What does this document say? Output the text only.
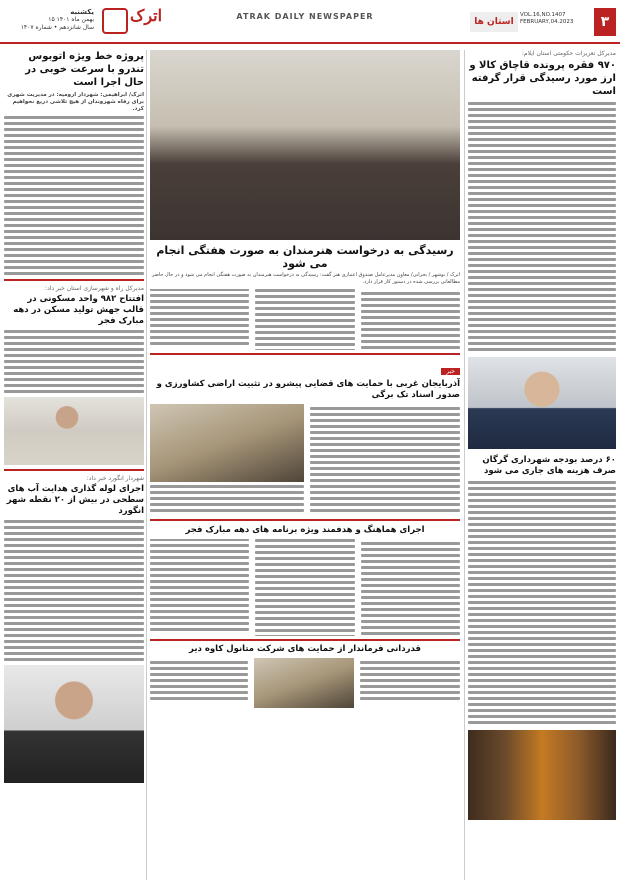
یکشنبه
۱۵ بهمن ماه ۱۴۰۱
سال شانزدهم • شماره ۱۴۰۷
اترک	ATRAK DAILY NEWSPAPER
استان ها
VOL.16,NO.1407
FEBRUARY,04.2023	۳
مدیرکل تعزیرات حکومتی استان ایلام:
۹۷۰ فقره پرونده قاچاق کالا و ارز مورد رسیدگی قرار گرفته است
۶۰ درصد بودجه شهرداری گرگان صرف هزینه های جاری می شود
رسیدگی به درخواست هنرمندان به صورت هفتگی انجام می شود
اترک / بوشهر / بحرانی/ معاون مدیرعامل صندوق اعتباری هنر گفت: رسیدگی به درخواست هنرمندان به صورت هفتگی انجام می شود و در حال حاضر مطالعاتی بررسی شده در دستور کار قرار دارد.
خبر
آذربایجان غربی با حمایت های قضایی پیشرو در تثبیت اراضی کشاورزی و صدور اسناد تک برگی
اجرای هماهنگ و هدفمند ویژه برنامه های دهه مبارک فجر
قدردانی فرماندار از حمایت های شرکت متانول کاوه دیر
پروژه خط ویژه اتوبوس تندرو با سرعت خوبی در حال اجرا است
اترک/ ابراهیمی: شهردار ارومیه: در مدیریت شهری برای رفاه شهروندان از هیچ تلاشی دریغ نخواهیم کرد.
مدیرکل راه و شهرسازی استان خبر داد:
افتتاح ۹۸۲ واحد مسکونی در قالب جهش تولید مسکن در دهه مبارک فجر
شهردار انگورد خبر داد:
اجرای لوله گذاری هدایت آب های سطحی در بیش از ۲۰ نقطه شهر انگورد
